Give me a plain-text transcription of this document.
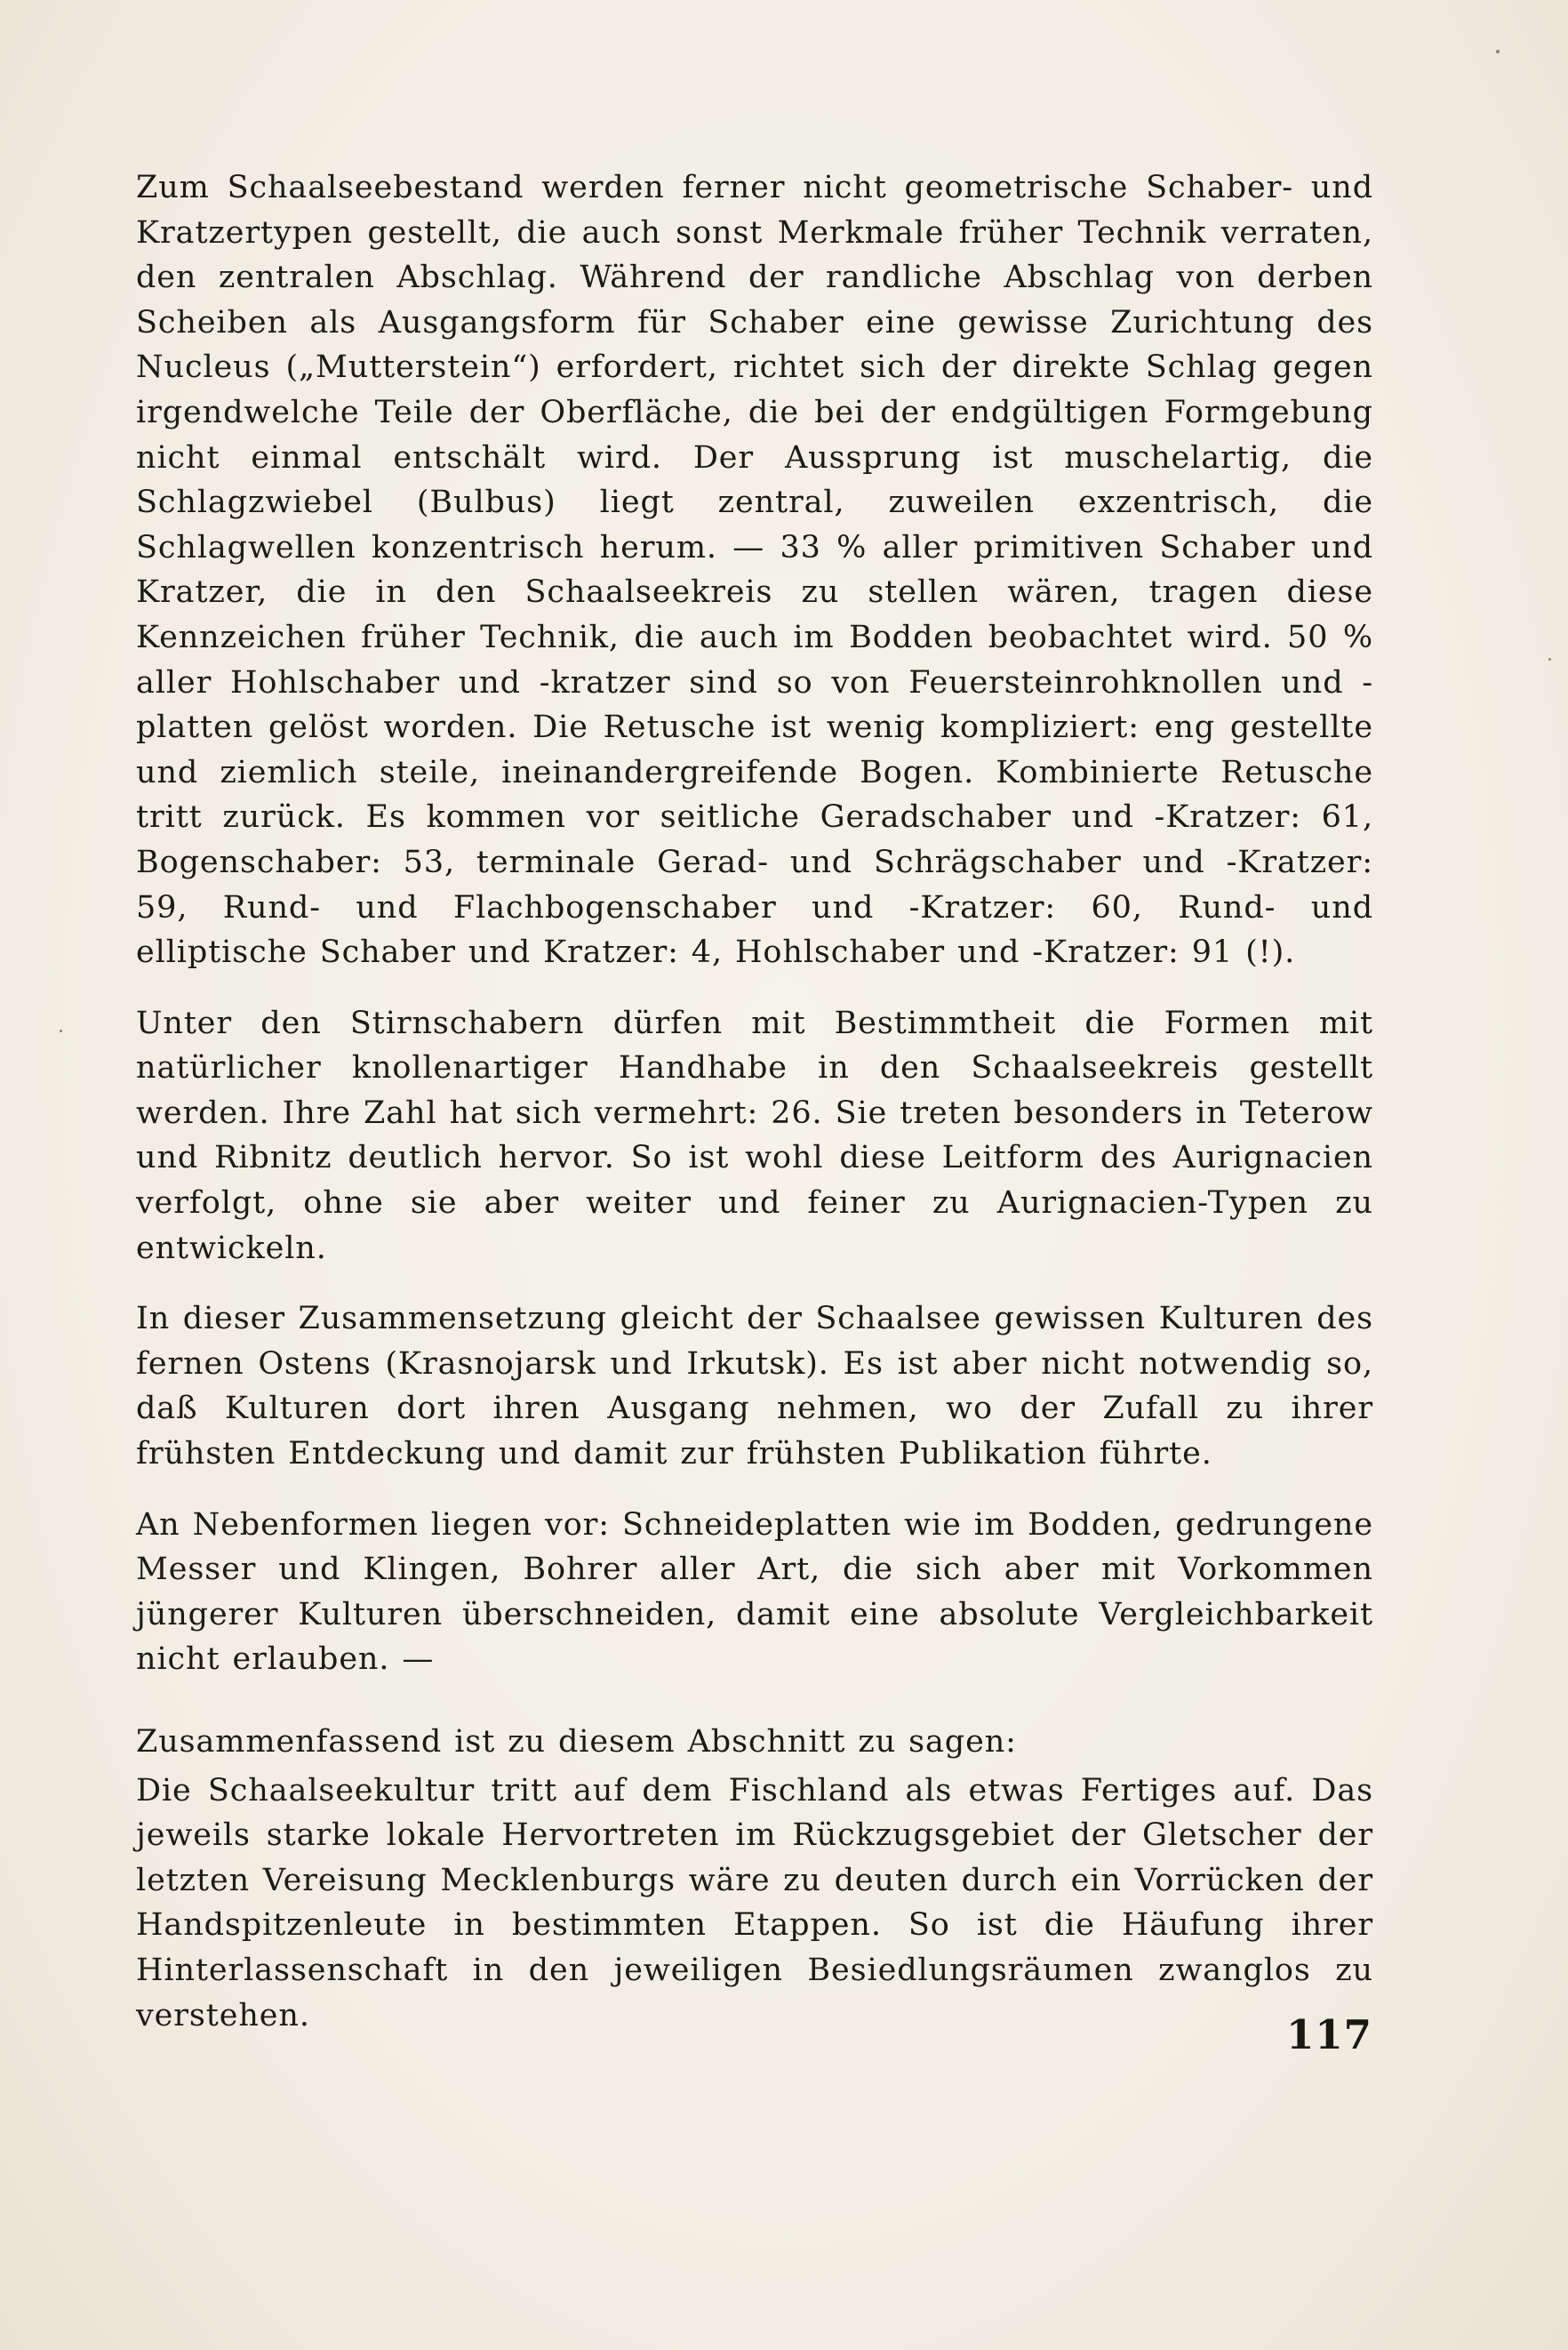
Zum Schaalseebestand werden ferner nicht geometrische Schaber- und Kratzertypen gestellt, die auch sonst Merkmale früher Technik verraten, den zentralen Abschlag. Während der randliche Abschlag von derben Scheiben als Ausgangsform für Schaber eine gewisse Zurichtung des Nucleus („Mutterstein“) erfordert, richtet sich der direkte Schlag gegen irgendwelche Teile der Oberfläche, die bei der endgültigen Formgebung nicht einmal entschält wird. Der Aussprung ist muschelartig, die Schlagzwiebel (Bulbus) liegt zentral, zuweilen exzentrisch, die Schlagwellen konzentrisch herum. — 33 % aller primitiven Schaber und Kratzer, die in den Schaalseekreis zu stellen wären, tragen diese Kennzeichen früher Technik, die auch im Bodden beobachtet wird. 50 % aller Hohlschaber und -kratzer sind so von Feuersteinrohknollen und -platten gelöst worden. Die Retusche ist wenig kompliziert: eng gestellte und ziemlich steile, ineinandergreifende Bogen. Kombinierte Retusche tritt zurück. Es kommen vor seitliche Geradschaber und -Kratzer: 61, Bogenschaber: 53, terminale Gerad- und Schrägschaber und -Kratzer: 59, Rund- und Flachbogenschaber und -Kratzer: 60, Rund- und elliptische Schaber und Kratzer: 4, Hohlschaber und -Kratzer: 91 (!).

Unter den Stirnschabern dürfen mit Bestimmtheit die Formen mit natürlicher knollenartiger Handhabe in den Schaalseekreis gestellt werden. Ihre Zahl hat sich vermehrt: 26. Sie treten besonders in Teterow und Ribnitz deutlich hervor. So ist wohl diese Leitform des Aurignacien verfolgt, ohne sie aber weiter und feiner zu Aurignacien-Typen zu entwickeln.

In dieser Zusammensetzung gleicht der Schaalsee gewissen Kulturen des fernen Ostens (Krasnojarsk und Irkutsk). Es ist aber nicht notwendig so, daß Kulturen dort ihren Ausgang nehmen, wo der Zufall zu ihrer frühsten Entdeckung und damit zur frühsten Publikation führte.

An Nebenformen liegen vor: Schneideplatten wie im Bodden, gedrungene Messer und Klingen, Bohrer aller Art, die sich aber mit Vorkommen jüngerer Kulturen überschneiden, damit eine absolute Vergleichbarkeit nicht erlauben. —

Zusammenfassend ist zu diesem Abschnitt zu sagen:

Die Schaalseekultur tritt auf dem Fischland als etwas Fertiges auf. Das jeweils starke lokale Hervortreten im Rückzugsgebiet der Gletscher der letzten Vereisung Mecklenburgs wäre zu deuten durch ein Vorrücken der Handspitzenleute in bestimmten Etappen. So ist die Häufung ihrer Hinterlassenschaft in den jeweiligen Besiedlungsräumen zwanglos zu verstehen.	117
